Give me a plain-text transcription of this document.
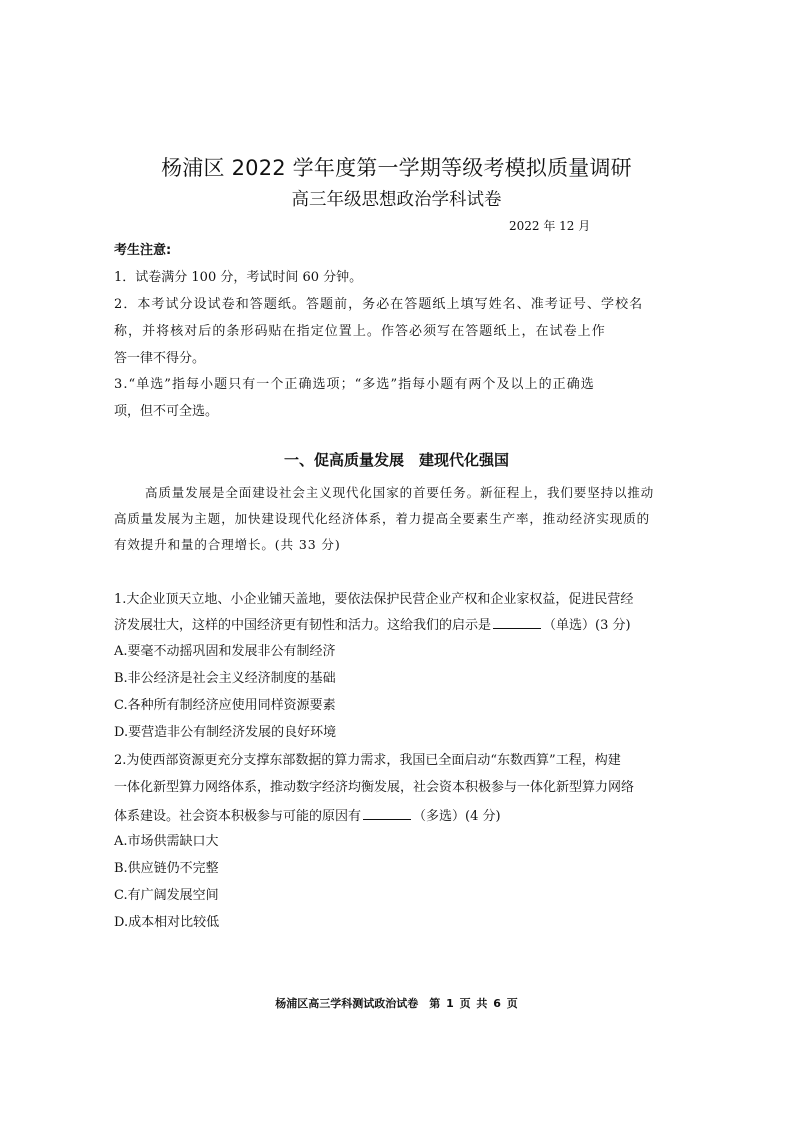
杨浦区 2022 学年度第一学期等级考模拟质量调研
高三年级思想政治学科试卷
2022 年 12 月
考生注意:
1．试卷满分 100 分，考试时间 60 分钟。
2．本考试分设试卷和答题纸。答题前，务必在答题纸上填写姓名、准考证号、学校名
称，并将核对后的条形码贴在指定位置上。作答必须写在答题纸上，在试卷上作
答一律不得分。
3.“单选”指每小题只有一个正确选项；“多选”指每小题有两个及以上的正确选
项，但不可全选。
一、促高质量发展　建现代化强国
高质量发展是全面建设社会主义现代化国家的首要任务。新征程上，我们要坚持以推动
高质量发展为主题，加快建设现代化经济体系，着力提高全要素生产率，推动经济实现质的
有效提升和量的合理增长。(共 33 分)
1.大企业顶天立地、小企业铺天盖地，要依法保护民营企业产权和企业家权益，促进民营经
济发展壮大，这样的中国经济更有韧性和活力。这给我们的启示是	（单选）(3 分)
A.要毫不动摇巩固和发展非公有制经济
B.非公经济是社会主义经济制度的基础
C.各种所有制经济应使用同样资源要素
D.要营造非公有制经济发展的良好环境
2.为使西部资源更充分支撑东部数据的算力需求，我国已全面启动“东数西算”工程，构建
一体化新型算力网络体系，推动数字经济均衡发展，社会资本积极参与一体化新型算力网络
体系建设。社会资本积极参与可能的原因有	（多选）(4 分)
A.市场供需缺口大
B.供应链仍不完整
C.有广阔发展空间
D.成本相对比较低
杨浦区高三学科测试政治试卷　第 1 页 共 6 页
